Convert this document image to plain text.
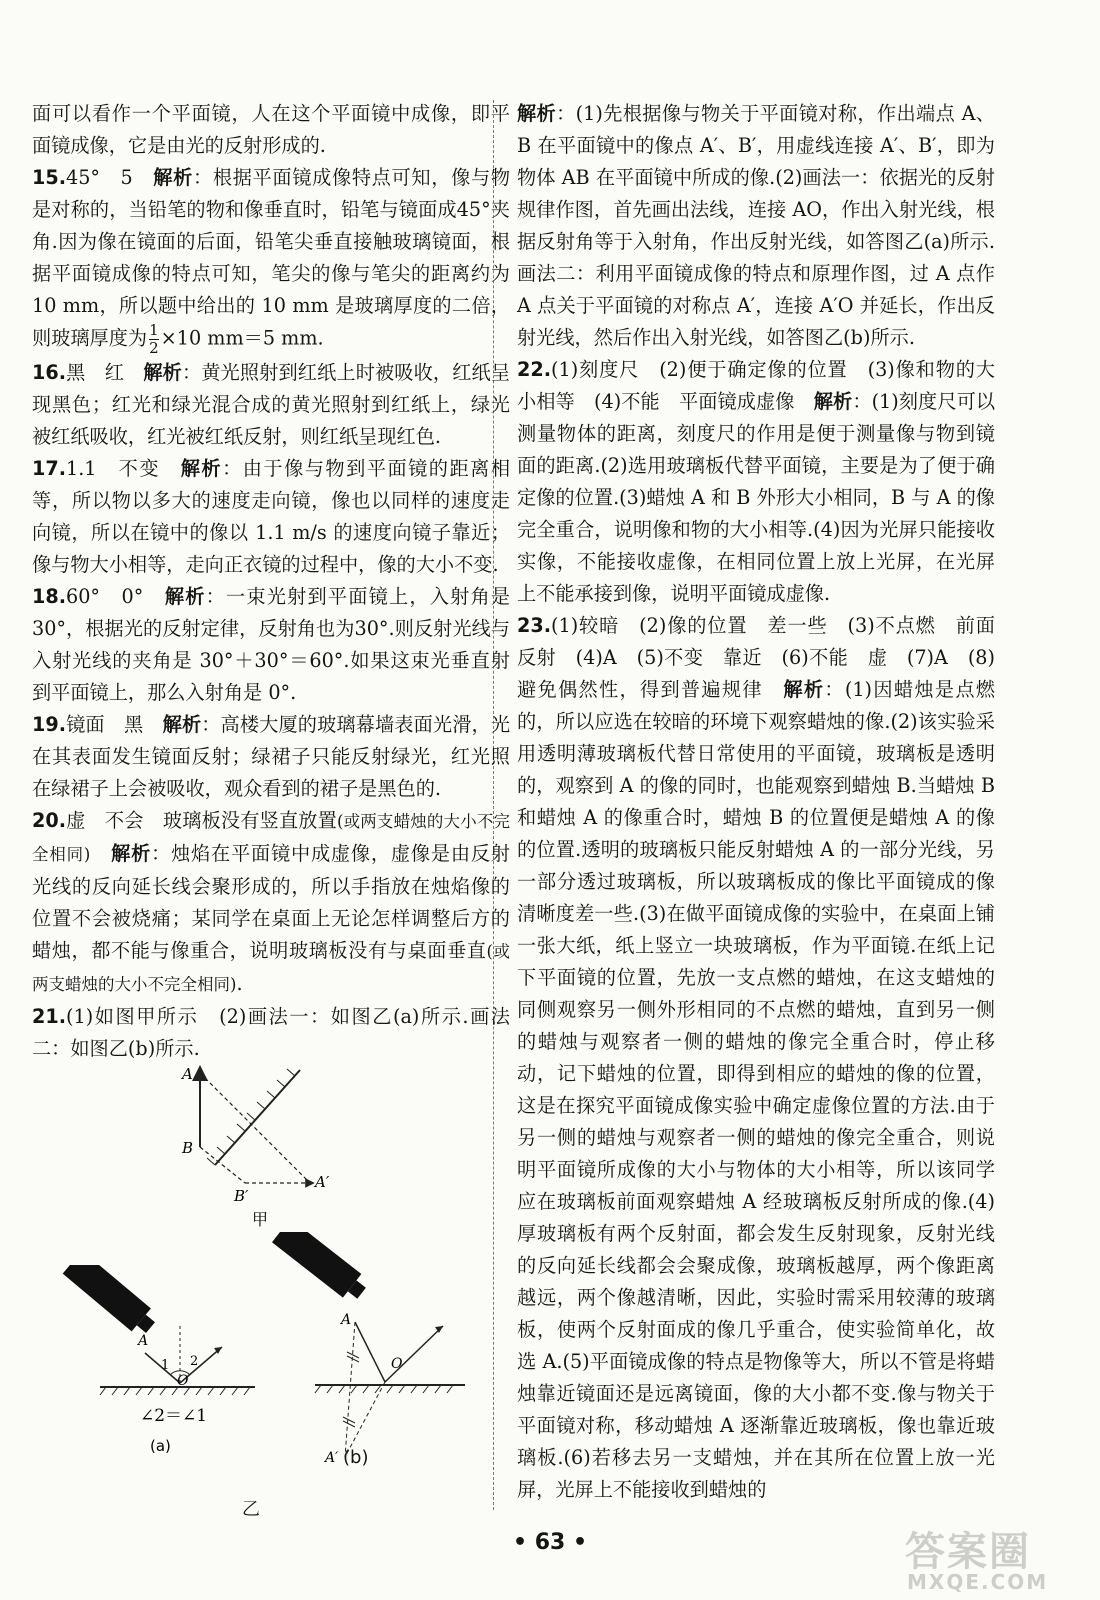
面可以看作一个平面镜，人在这个平面镜中成像，即平面镜成像，它是由光的反射形成的.

15.45°　5　解析：根据平面镜成像特点可知，像与物是对称的，当铅笔的物和像垂直时，铅笔与镜面成45°夹角.因为像在镜面的后面，铅笔尖垂直接触玻璃镜面，根据平面镜成像的特点可知，笔尖的像与笔尖的距离约为 10 mm，所以题中给出的 10 mm 是玻璃厚度的二倍，则玻璃厚度为 $\frac{1}{2} \times 10$ mm＝5 mm.

16.黑　红　解析：黄光照射到红纸上时被吸收，红纸呈现黑色；红光和绿光混合成的黄光照射到红纸上，绿光被红纸吸收，红光被红纸反射，则红纸呈现红色.

17.1.1　不变　解析：由于像与物到平面镜的距离相等，所以物以多大的速度走向镜，像也以同样的速度走向镜，所以在镜中的像以 1.1 m/s 的速度向镜子靠近；像与物大小相等，走向正衣镜的过程中，像的大小不变.

18.60°　0°　解析：一束光射到平面镜上，入射角是30°，根据光的反射定律，反射角也为30°.则反射光线与入射光线的夹角是 30°＋30°＝60°.如果这束光垂直射到平面镜上，那么入射角是 0°.

19.镜面　黑　解析：高楼大厦的玻璃幕墙表面光滑，光在其表面发生镜面反射；绿裙子只能反射绿光，红光照在绿裙子上会被吸收，观众看到的裙子是黑色的.

20.虚　不会　玻璃板没有竖直放置(或两支蜡烛的大小不完全相同)　 解析：烛焰在平面镜中成虚像，虚像是由反射光线的反向延长线会聚形成的，所以手指放在烛焰像的位置不会被烧痛；某同学在桌面上无论怎样调整后方的蜡烛，都不能与像重合，说明玻璃板没有与桌面垂直(或两支蜡烛的大小不完全相同).

21.(1)如图甲所示　(2)画法一：如图乙(a)所示.画法二：如图乙(b)所示.

A
B
B′
A′
甲
A
1 2
O
∠2＝∠1
(a)
A
O
A′ (b)
乙

解析：(1)先根据像与物关于平面镜对称，作出端点 A、B 在平面镜中的像点 A′、B′，用虚线连接 A′、B′，即为物体 AB 在平面镜中所成的像.(2)画法一：依据光的反射规律作图，首先画出法线，连接 AO，作出入射光线，根据反射角等于入射角，作出反射光线，如答图乙(a)所示.画法二：利用平面镜成像的特点和原理作图，过 A 点作 A 点关于平面镜的对称点 A′，连接 A′O 并延长，作出反射光线，然后作出入射光线，如答图乙(b)所示.

22.(1)刻度尺　(2)便于确定像的位置　(3)像和物的大小相等　(4)不能　平面镜成虚像　解析：(1)刻度尺可以测量物体的距离，刻度尺的作用是便于测量像与物到镜面的距离.(2)选用玻璃板代替平面镜，主要是为了便于确定像的位置.(3)蜡烛 A 和 B 外形大小相同，B 与 A 的像完全重合，说明像和物的大小相等.(4)因为光屏只能接收实像，不能接收虚像，在相同位置上放上光屏，在光屏上不能承接到像，说明平面镜成虚像.

23.(1)较暗　(2)像的位置　差一些　(3)不点燃　前面　反射　(4)A　(5)不变　靠近　(6)不能　虚　(7)A　(8)避免偶然性，得到普遍规律　解析：(1)因蜡烛是点燃的，所以应选在较暗的环境下观察蜡烛的像.(2)该实验采用透明薄玻璃板代替日常使用的平面镜，玻璃板是透明的，观察到 A 的像的同时，也能观察到蜡烛 B.当蜡烛 B 和蜡烛 A 的像重合时，蜡烛 B 的位置便是蜡烛 A 的像的位置.透明的玻璃板只能反射蜡烛 A 的一部分光线，另一部分透过玻璃板，所以玻璃板成的像比平面镜成的像清晰度差一些.(3)在做平面镜成像的实验中，在桌面上铺一张大纸，纸上竖立一块玻璃板，作为平面镜.在纸上记下平面镜的位置，先放一支点燃的蜡烛，在这支蜡烛的同侧观察另一侧外形相同的不点燃的蜡烛，直到另一侧的蜡烛与观察者一侧的蜡烛的像完全重合时，停止移动，记下蜡烛的位置，即得到相应的蜡烛的像的位置，这是在探究平面镜成像实验中确定虚像位置的方法.由于另一侧的蜡烛与观察者一侧的蜡烛的像完全重合，则说明平面镜所成像的大小与物体的大小相等，所以该同学应在玻璃板前面观察蜡烛 A 经玻璃板反射所成的像.(4)厚玻璃板有两个反射面，都会发生反射现象，反射光线的反向延长线都会会聚成像，玻璃板越厚，两个像距离越远，两个像越清晰，因此，实验时需采用较薄的玻璃板，使两个反射面成的像几乎重合，使实验简单化，故选 A.(5)平面镜成像的特点是物像等大，所以不管是将蜡烛靠近镜面还是远离镜面，像的大小都不变.像与物关于平面镜对称，移动蜡烛 A 逐渐靠近玻璃板，像也靠近玻璃板.(6)若移去另一支蜡烛，并在其所在位置上放一光屏，光屏上不能接收到蜡烛的

• 63 •	答案圈
MXQE.COM
